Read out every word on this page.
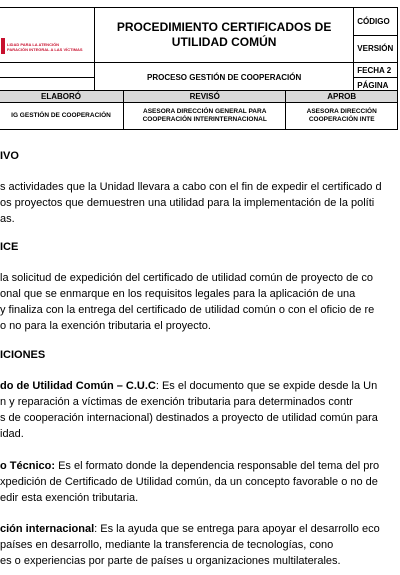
LIDAD PARA LA ATENCIÓN
PARACIÓN INTEGRAL A LAS VÍCTIMAS	PROCEDIMIENTO CERTIFICADOS DE UTILIDAD COMÚN	CÓDIGO
		VERSIÓN
	PROCESO GESTIÓN DE COOPERACIÓN	FECHA 2
		PÁGINA
ELABORÓ	REVISÓ	APROB
IG GESTIÓN DE COOPERACIÓN	ASESORA DIRECCIÓN GENERAL PARA COOPERACIÓN INTERINTERNACIONAL	ASESORA DIRECCIÓN COOPERACIÓN INTE
IVO
s actividades que la Unidad llevara a cabo con el fin de expedir el certificado d
os proyectos que demuestren una utilidad para la implementación de la políti
as.
ICE
la solicitud de expedición del certificado de utilidad común de proyecto de co
onal que se enmarque en los requisitos legales para la aplicación de una
y finaliza con la entrega del certificado de utilidad común o con el oficio de re
o no para la exención tributaria el proyecto.
ICIONES
do de Utilidad Común – C.U.C: Es el documento que se expide desde la Un
n y reparación a víctimas de exención tributaria para determinados contr
s de cooperación internacional) destinados a proyecto de utilidad común para
idad.
o Técnico: Es el formato donde la dependencia responsable del tema del pro
xpedición de Certificado de Utilidad común, da un concepto favorable o no de
edir esta exención tributaria.
ción internacional: Es la ayuda que se entrega para apoyar el desarrollo eco
países en desarrollo, mediante la transferencia de tecnologías, cono
es o experiencias por parte de países u organizaciones multilaterales.
